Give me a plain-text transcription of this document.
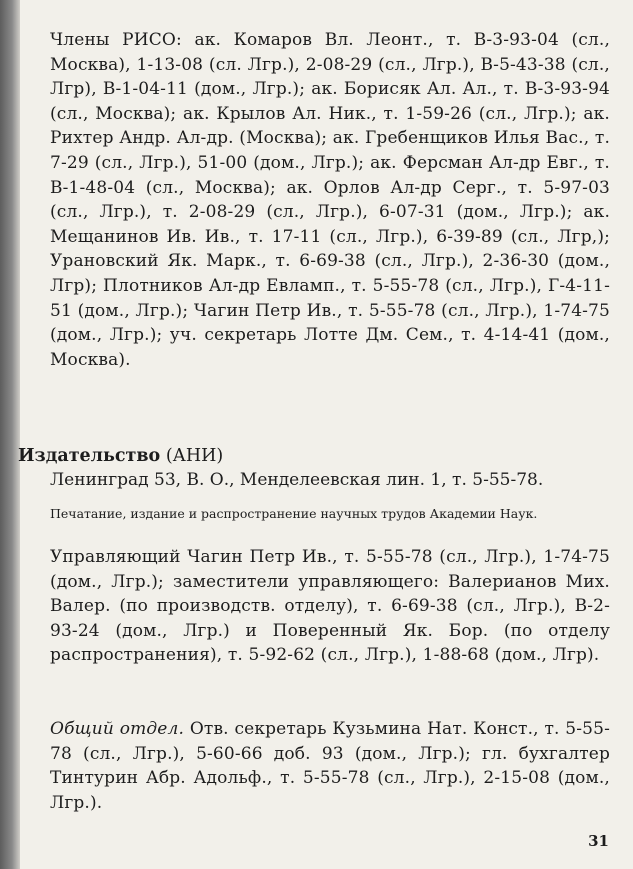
Члены РИСО: ак. Комаров Вл. Леонт., т. В-3-93-04 (сл., Москва), 1-13-08 (сл. Лгр.), 2-08-29 (сл., Лгр.), В-5-43-38 (сл., Лгр), В-1-04-11 (дом., Лгр.); ак. Борисяк Ал. Ал., т. В-3-93-94 (сл., Москва); ак. Крылов Ал. Ник., т. 1-59-26 (сл., Лгр.); ак. Рихтер Андр. Ал-др. (Москва); ак. Гребенщиков Илья Вас., т. 7-29 (сл., Лгр.), 51-00 (дом., Лгр.); ак. Ферсман Ал-др Евг., т. В-1-48-04 (сл., Москва); ак. Орлов Ал-др Серг., т. 5-97-03 (сл., Лгр.), т. 2-08-29 (сл., Лгр.), 6-07-31 (дом., Лгр.); ак. Мещанинов Ив. Ив., т. 17-11 (сл., Лгр.), 6-39-89 (сл., Лгр,); Урановский Як. Марк., т. 6-69-38 (сл., Лгр.), 2-36-30 (дом., Лгр); Плотников Ал-др Евламп., т. 5-55-78 (сл., Лгр.), Г-4-11-51 (дом., Лгр.); Чагин Петр Ив., т. 5-55-78 (сл., Лгр.), 1-74-75 (дом., Лгр.); уч. секретарь Лотте Дм. Сем., т. 4-14-41 (дом., Москва).

Издательство (АНИ)
Ленинград 53, В. О., Менделеевская лин. 1, т. 5-55-78.

Печатание, издание и распространение научных трудов Академии Наук.

Управляющий Чагин Петр Ив., т. 5-55-78 (сл., Лгр.), 1-74-75 (дом., Лгр.); заместители управляющего: Валерианов Мих. Валер. (по производств. отделу), т. 6-69-38 (сл., Лгр.), В-2-93-24 (дом., Лгр.) и Поверенный Як. Бор. (по отделу распространения), т. 5-92-62 (сл., Лгр.), 1-88-68 (дом., Лгр).

Общий отдел. Отв. секретарь Кузьмина Нат. Конст., т. 5-55-78 (сл., Лгр.), 5-60-66 доб. 93 (дом., Лгр.); гл. бухгалтер Тинтурин Абр. Адольф., т. 5-55-78 (сл., Лгр.), 2-15-08 (дом., Лгр.).

31
